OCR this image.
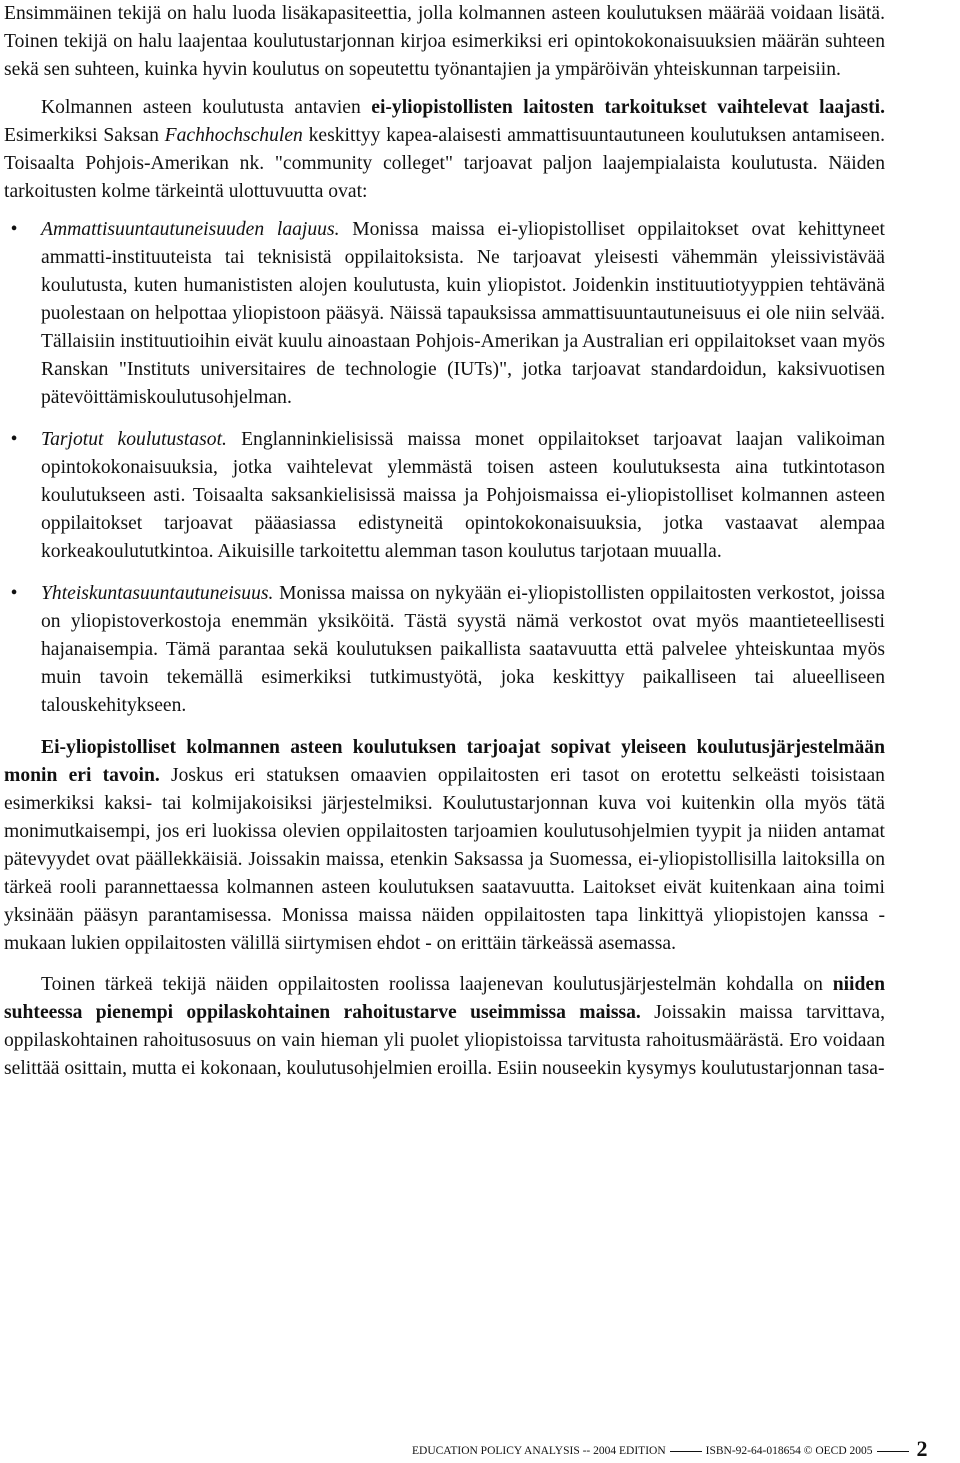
Ensimmäinen tekijä on halu luoda lisäkapasiteettia, jolla kolmannen asteen koulutuksen määrää voidaan lisätä. Toinen tekijä on halu laajentaa koulutustarjonnan kirjoa esimerkiksi eri opintokokonaisuuksien määrän suhteen sekä sen suhteen, kuinka hyvin koulutus on sopeutettu työnantajien ja ympäröivän yhteiskunnan tarpeisiin.

Kolmannen asteen koulutusta antavien ei-yliopistollisten laitosten tarkoitukset vaihtelevat laajasti. Esimerkiksi Saksan Fachhochschulen keskittyy kapea-alaisesti ammattisuuntautuneen koulutuksen antamiseen. Toisaalta Pohjois-Amerikan nk. "community colleget" tarjoavat paljon laajempialaista koulutusta. Näiden tarkoitusten kolme tärkeintä ulottuvuutta ovat:

•	Ammattisuuntautuneisuuden laajuus. Monissa maissa ei-yliopistolliset oppilaitokset ovat kehittyneet ammatti-instituuteista tai teknisistä oppilaitoksista. Ne tarjoavat yleisesti vähemmän yleissivistävää koulutusta, kuten humanististen alojen koulutusta, kuin yliopistot. Joidenkin instituutiotyyppien tehtävänä puolestaan on helpottaa yliopistoon pääsyä. Näissä tapauksissa ammattisuuntautuneisuus ei ole niin selvää. Tällaisiin instituutioihin eivät kuulu ainoastaan Pohjois-Amerikan ja Australian eri oppilaitokset vaan myös Ranskan "Instituts universitaires de technologie (IUTs)", jotka tarjoavat standardoidun, kaksivuotisen pätevöittämiskoulutusohjelman.
•	Tarjotut koulutustasot. Englanninkielisissä maissa monet oppilaitokset tarjoavat laajan valikoiman opintokokonaisuuksia, jotka vaihtelevat ylemmästä toisen asteen koulutuksesta aina tutkintotason koulutukseen asti. Toisaalta saksankielisissä maissa ja Pohjoismaissa ei-yliopistolliset kolmannen asteen oppilaitokset tarjoavat pääasiassa edistyneitä opintokokonaisuuksia, jotka vastaavat alempaa korkeakoulututkintoa. Aikuisille tarkoitettu alemman tason koulutus tarjotaan muualla.
•	Yhteiskuntasuuntautuneisuus. Monissa maissa on nykyään ei-yliopistollisten oppilaitosten verkostot, joissa on yliopistoverkostoja enemmän yksiköitä. Tästä syystä nämä verkostot ovat myös maantieteellisesti hajanaisempia. Tämä parantaa sekä koulutuksen paikallista saatavuutta että palvelee yhteiskuntaa myös muin tavoin tekemällä esimerkiksi tutkimustyötä, joka keskittyy paikalliseen tai alueelliseen talouskehitykseen.

Ei-yliopistolliset kolmannen asteen koulutuksen tarjoajat sopivat yleiseen koulutusjärjestelmään monin eri tavoin. Joskus eri statuksen omaavien oppilaitosten eri tasot on erotettu selkeästi toisistaan esimerkiksi kaksi- tai kolmijakoisiksi järjestelmiksi. Koulutustarjonnan kuva voi kuitenkin olla myös tätä monimutkaisempi, jos eri luokissa olevien oppilaitosten tarjoamien koulutusohjelmien tyypit ja niiden antamat pätevyydet ovat päällekkäisiä. Joissakin maissa, etenkin Saksassa ja Suomessa, ei-yliopistollisilla laitoksilla on tärkeä rooli parannettaessa kolmannen asteen koulutuksen saatavuutta. Laitokset eivät kuitenkaan aina toimi yksinään pääsyn parantamisessa. Monissa maissa näiden oppilaitosten tapa linkittyä yliopistojen kanssa - mukaan lukien oppilaitosten välillä siirtymisen ehdot - on erittäin tärkeässä asemassa.

Toinen tärkeä tekijä näiden oppilaitosten roolissa laajenevan koulutusjärjestelmän kohdalla on niiden suhteessa pienempi oppilaskohtainen rahoitustarve useimmissa maissa. Joissakin maissa tarvittava, oppilaskohtainen rahoitusosuus on vain hieman yli puolet yliopistoissa tarvitusta rahoitusmäärästä. Ero voidaan selittää osittain, mutta ei kokonaan, koulutusohjelmien eroilla. Esiin nouseekin kysymys koulutustarjonnan tasa-

EDUCATION POLICY ANALYSIS -- 2004 EDITION	ISBN-92-64-018654 © OECD 2005 2
